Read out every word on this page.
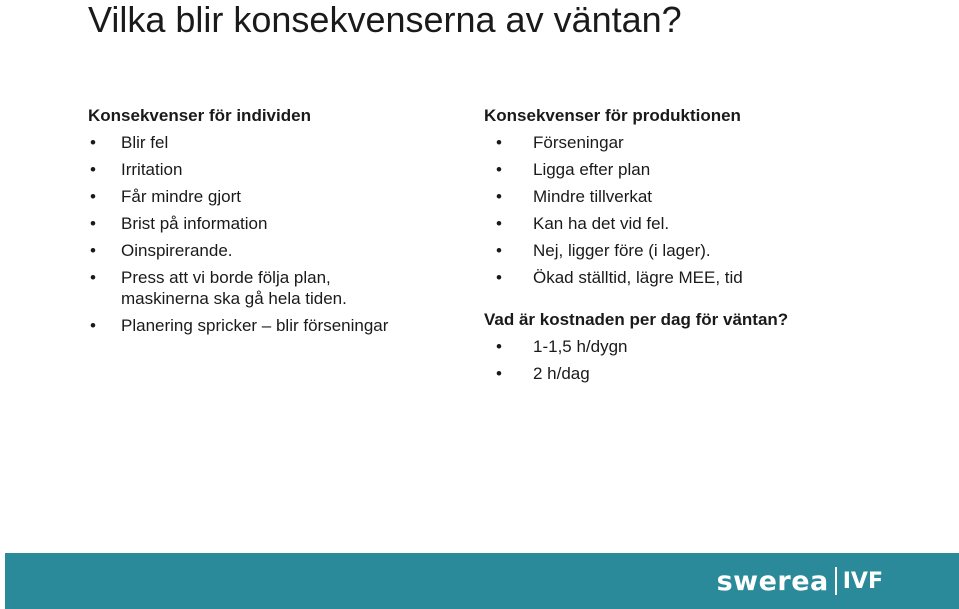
Vilka blir konsekvenserna av väntan?
Konsekvenser för individen
• Blir fel
• Irritation
• Får mindre gjort
• Brist på information
• Oinspirerande.
• Press att vi borde följa plan, maskinerna ska gå hela tiden.
• Planering spricker – blir förseningar
Konsekvenser för produktionen
• Förseningar
• Ligga efter plan
• Mindre tillverkat
• Kan ha det vid fel.
• Nej, ligger före (i lager).
• Ökad ställtid, lägre MEE, tid
Vad är kostnaden per dag för väntan?
• 1-1,5 h/dygn
• 2 h/dag
swerea IVF
